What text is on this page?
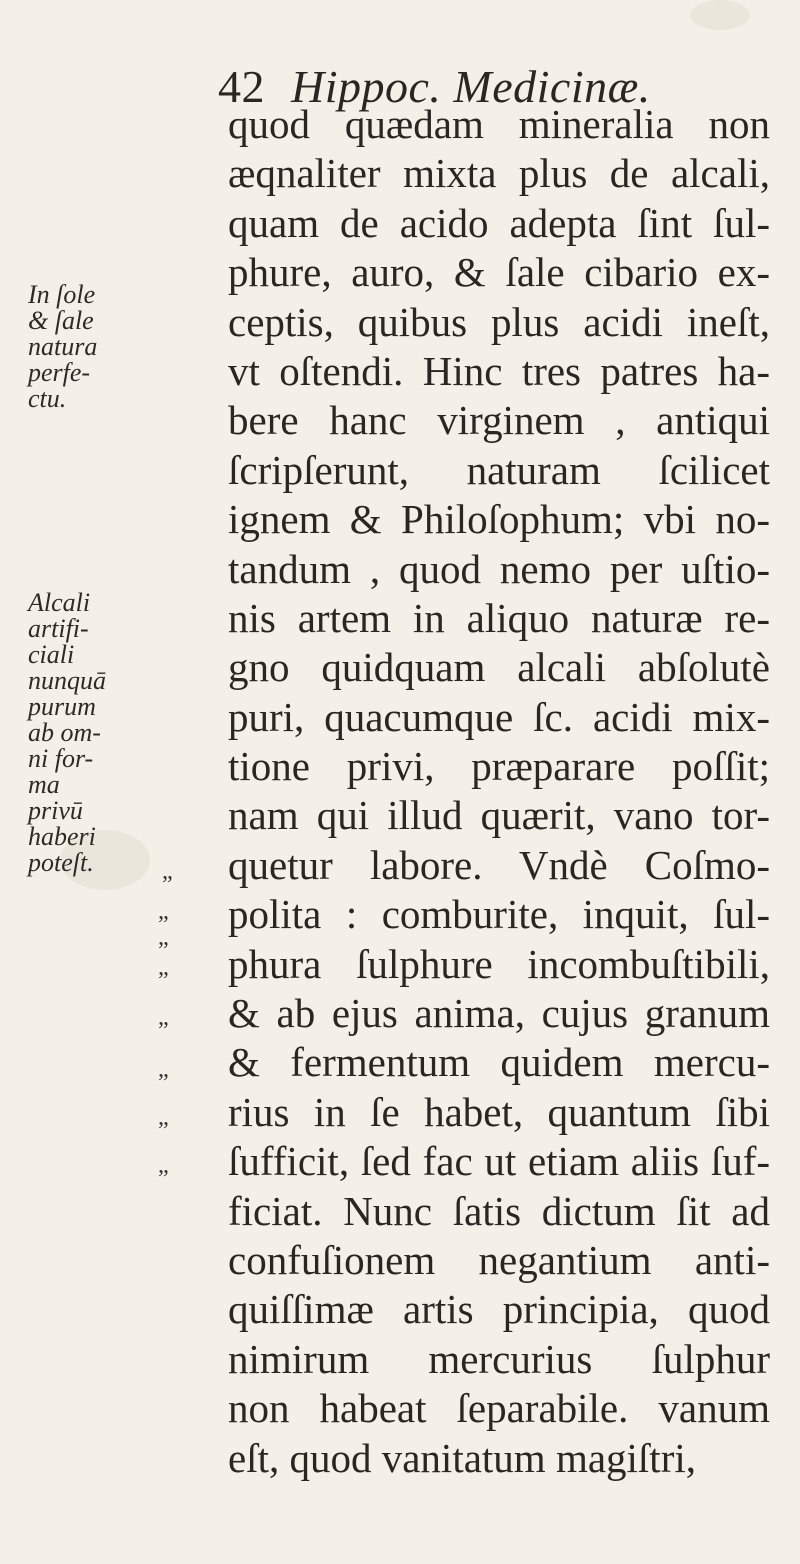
42 Hippoc. Medicinæ.
quod quædam mineralia non
æqnaliter mixta plus de alcali,
quam de acido adepta ſint ſul-
phure, auro, & ſale cibario ex-
ceptis, quibus plus acidi ineſt,
vt oſtendi. Hinc tres patres ha-
bere hanc virginem , antiqui
ſcripſerunt, naturam ſcilicet
ignem & Philoſophum; vbi no-
tandum , quod nemo per uſtio-
nis artem in aliquo naturæ re-
gno quidquam alcali abſolutè
puri, quacumque ſc. acidi mix-
tione privi, præparare poſſit;
nam qui illud quærit, vano tor-
quetur labore. Vndè Coſmo-
polita : comburite, inquit, ſul-
phura ſulphure incombuſtibili,
& ab ejus anima, cujus granum
& fermentum quidem mercu-
rius in ſe habet, quantum ſibi
ſufficit, ſed fac ut etiam aliis ſuf-
ficiat. Nunc ſatis dictum ſit ad
confuſionem negantium anti-
quiſſimæ artis principia, quod
nimirum mercurius ſulphur
non habeat ſeparabile. vanum
eſt, quod vanitatum magiſtri,
In ſole
& ſale
natura
perfe-
ctu.
Alcali
artifi-
ciali
nunquā
purum
ab om-
ni for-
ma
privū
haberi
poteſt.
”
”
”
”
”
”
”
”
